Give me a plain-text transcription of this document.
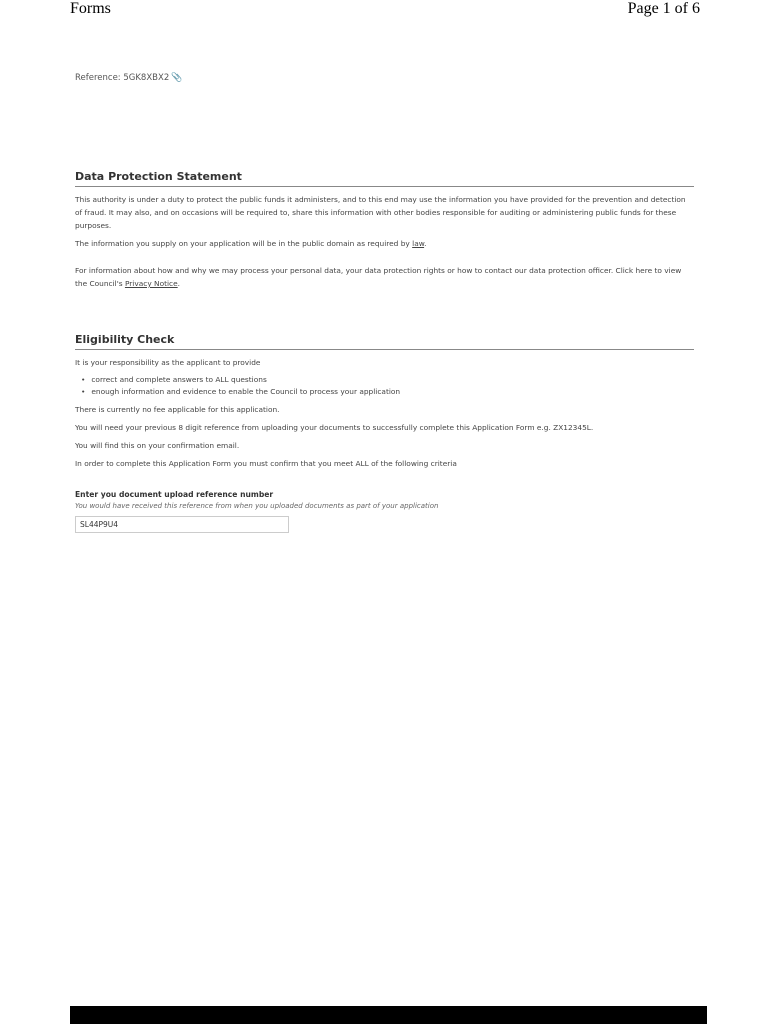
Forms	Page 1 of 6
Reference: 5GK8XBX2 📎
Data Protection Statement

This authority is under a duty to protect the public funds it administers, and to this end may use the information you have provided for the prevention and detection of fraud. It may also, and on occasions will be required to, share this information with other bodies responsible for auditing or administering public funds for these purposes.

The information you supply on your application will be in the public domain as required by law.

For information about how and why we may process your personal data, your data protection rights or how to contact our data protection officer. Click here to view the Council's Privacy Notice.

Eligibility Check

It is your responsibility as the applicant to provide

• correct and complete answers to ALL questions
• enough information and evidence to enable the Council to process your application

There is currently no fee applicable for this application.

You will need your previous 8 digit reference from uploading your documents to successfully complete this Application Form e.g. ZX12345L.

You will find this on your confirmation email.

In order to complete this Application Form you must confirm that you meet ALL of the following criteria

Enter you document upload reference number
You would have received this reference from when you uploaded documents as part of your application
SL44P9U4
